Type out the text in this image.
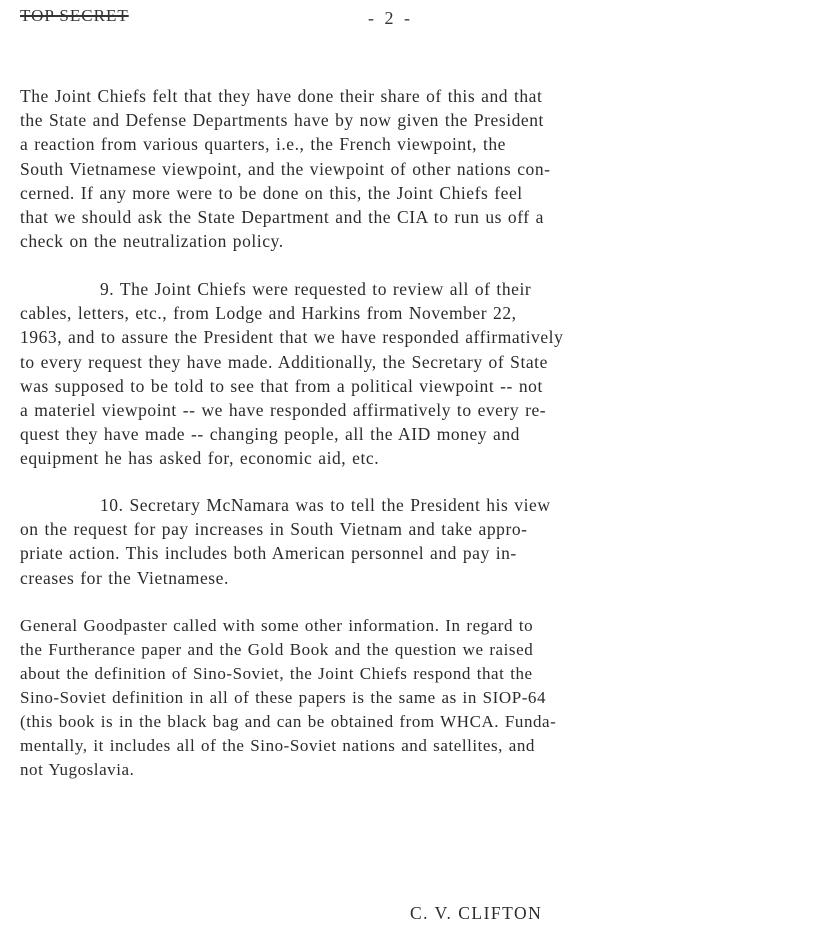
TOP SECRET	- 2 -
The Joint Chiefs felt that they have done their share of this and that
the State and Defense Departments have by now given the President
a reaction from various quarters, i.e., the French viewpoint, the
South Vietnamese viewpoint, and the viewpoint of other nations con-
cerned. If any more were to be done on this, the Joint Chiefs feel
that we should ask the State Department and the CIA to run us off a
check on the neutralization policy.
9. The Joint Chiefs were requested to review all of their
cables, letters, etc., from Lodge and Harkins from November 22,
1963, and to assure the President that we have responded affirmatively
to every request they have made. Additionally, the Secretary of State
was supposed to be told to see that from a political viewpoint -- not
a materiel viewpoint -- we have responded affirmatively to every re-
quest they have made -- changing people, all the AID money and
equipment he has asked for, economic aid, etc.
10. Secretary McNamara was to tell the President his view
on the request for pay increases in South Vietnam and take appro-
priate action. This includes both American personnel and pay in-
creases for the Vietnamese.
General Goodpaster called with some other information. In regard to
the Furtherance paper and the Gold Book and the question we raised
about the definition of Sino-Soviet, the Joint Chiefs respond that the
Sino-Soviet definition in all of these papers is the same as in SIOP-64
(this book is in the black bag and can be obtained from WHCA. Funda-
mentally, it includes all of the Sino-Soviet nations and satellites, and
not Yugoslavia.
C. V. CLIFTON
